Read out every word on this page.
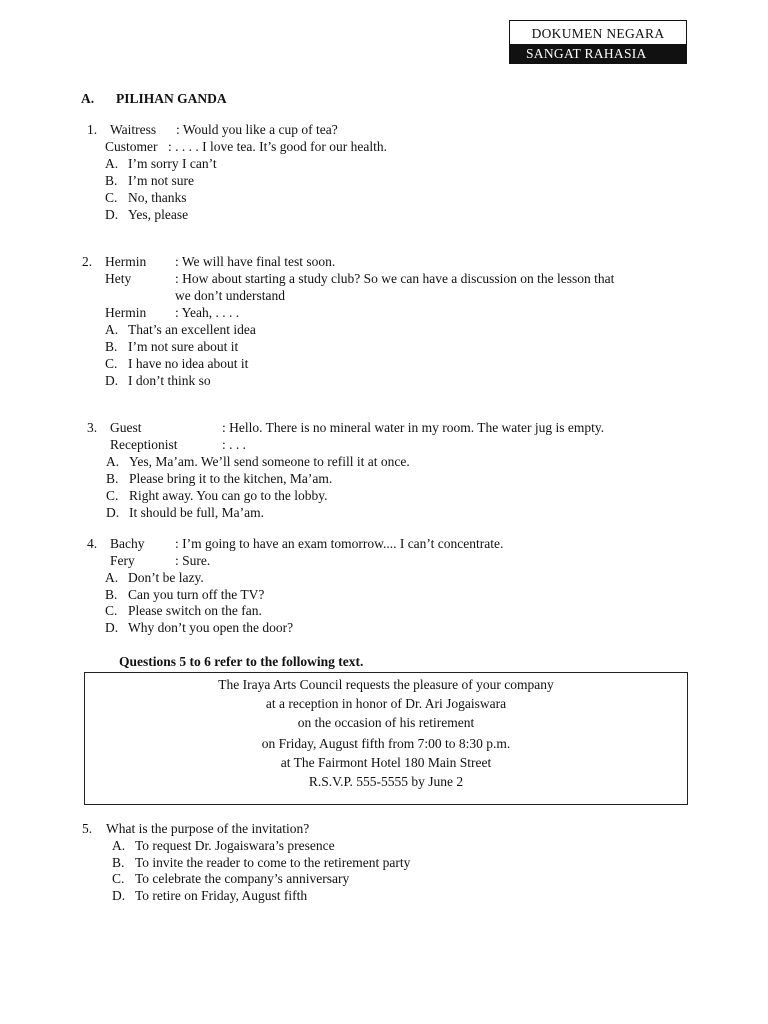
DOKUMEN NEGARA
SANGAT RAHASIA
A. PILIHAN GANDA
1. Waitress : Would you like a cup of tea?
Customer : . . . . I love tea. It’s good for our health.
A. I’m sorry I can’t
B. I’m not sure
C. No, thanks
D. Yes, please
2. Hermin : We will have final test soon.
Hety	: How about starting a study club? So we can have a discussion on the lesson that
we don’t understand
Hermin : Yeah, . . . .
A. That’s an excellent idea
B. I’m not sure about it
C. I have no idea about it
D. I don’t think so
3. Guest	: Hello. There is no mineral water in my room. The water jug is empty.
Receptionist	: . . .
A. Yes, Ma’am. We’ll send someone to refill it at once.
B. Please bring it to the kitchen, Ma’am.
C. Right away. You can go to the lobby.
D. It should be full, Ma’am.
4. Bachy : I’m going to have an exam tomorrow.... I can’t concentrate.
Fery	: Sure.
A. Don’t be lazy.
B. Can you turn off the TV?
C. Please switch on the fan.
D. Why don’t you open the door?
Questions 5 to 6 refer to the following text.
The Iraya Arts Council requests the pleasure of your company
at a reception in honor of Dr. Ari Jogaiswara
on the occasion of his retirement
on Friday, August fifth from 7:00 to 8:30 p.m.
at The Fairmont Hotel 180 Main Street
R.S.V.P. 555-5555 by June 2
5. What is the purpose of the invitation?
A. To request Dr. Jogaiswara’s presence
B. To invite the reader to come to the retirement party
C. To celebrate the company’s anniversary
D. To retire on Friday, August fifth
